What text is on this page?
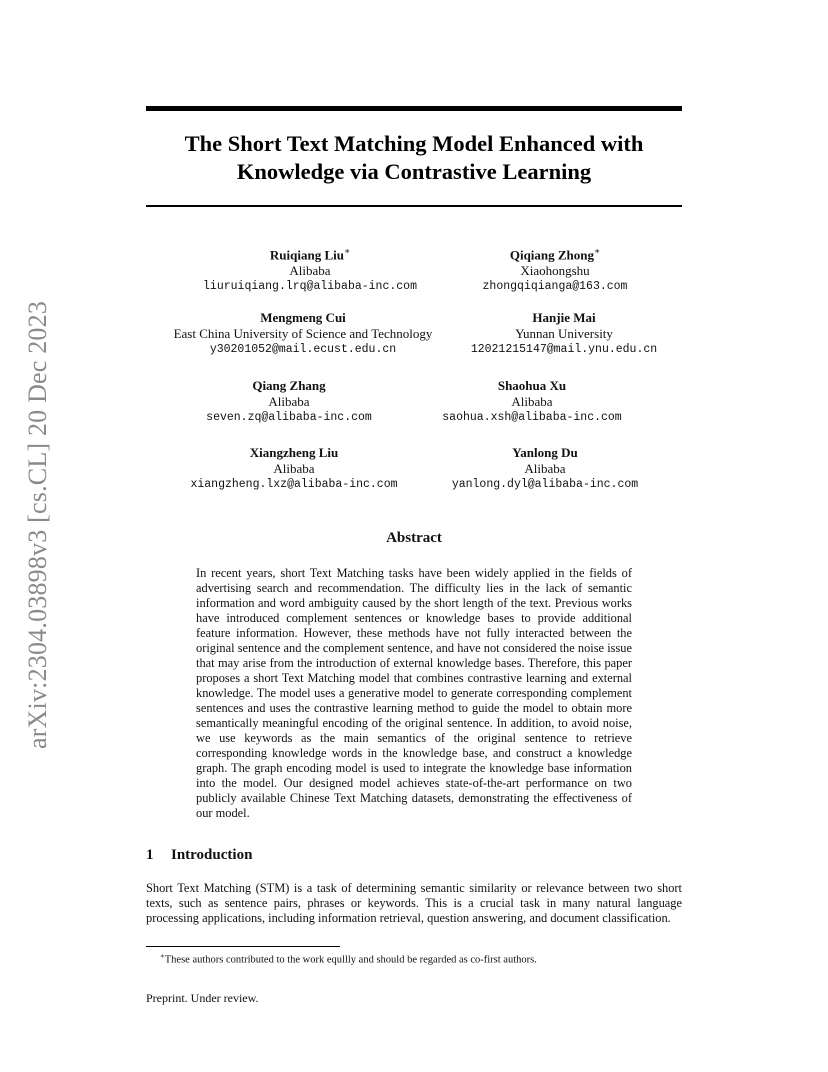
arXiv:2304.03898v3 [cs.CL] 20 Dec 2023
The Short Text Matching Model Enhanced with
Knowledge via Contrastive Learning
Ruiqiang Liu∗
Alibaba
liuruiqiang.lrq@alibaba-inc.com
Qiqiang Zhong∗
Xiaohongshu
zhongqiqianga@163.com
Mengmeng Cui
East China University of Science and Technology
y30201052@mail.ecust.edu.cn
Hanjie Mai
Yunnan University
12021215147@mail.ynu.edu.cn
Qiang Zhang
Alibaba
seven.zq@alibaba-inc.com
Shaohua Xu
Alibaba
saohua.xsh@alibaba-inc.com
Xiangzheng Liu
Alibaba
xiangzheng.lxz@alibaba-inc.com
Yanlong Du
Alibaba
yanlong.dyl@alibaba-inc.com
Abstract
In recent years, short Text Matching tasks have been widely applied in the fields of advertising search and recommendation. The difficulty lies in the lack of semantic information and word ambiguity caused by the short length of the text. Previous works have introduced complement sentences or knowledge bases to provide additional feature information. However, these methods have not fully interacted between the original sentence and the complement sentence, and have not considered the noise issue that may arise from the introduction of external knowledge bases. Therefore, this paper proposes a short Text Matching model that combines contrastive learning and external knowledge. The model uses a generative model to generate corresponding complement sentences and uses the contrastive learning method to guide the model to obtain more semantically meaningful encoding of the original sentence. In addition, to avoid noise, we use keywords as the main semantics of the original sentence to retrieve corresponding knowledge words in the knowledge base, and construct a knowledge graph. The graph encoding model is used to integrate the knowledge base information into the model. Our designed model achieves state-of-the-art performance on two publicly available Chinese Text Matching datasets, demonstrating the effectiveness of our model.
1 Introduction
Short Text Matching (STM) is a task of determining semantic similarity or relevance between two short texts, such as sentence pairs, phrases or keywords. This is a crucial task in many natural language processing applications, including information retrieval, question answering, and document classification.
∗These authors contributed to the work equllly and should be regarded as co-first authors.
Preprint. Under review.
